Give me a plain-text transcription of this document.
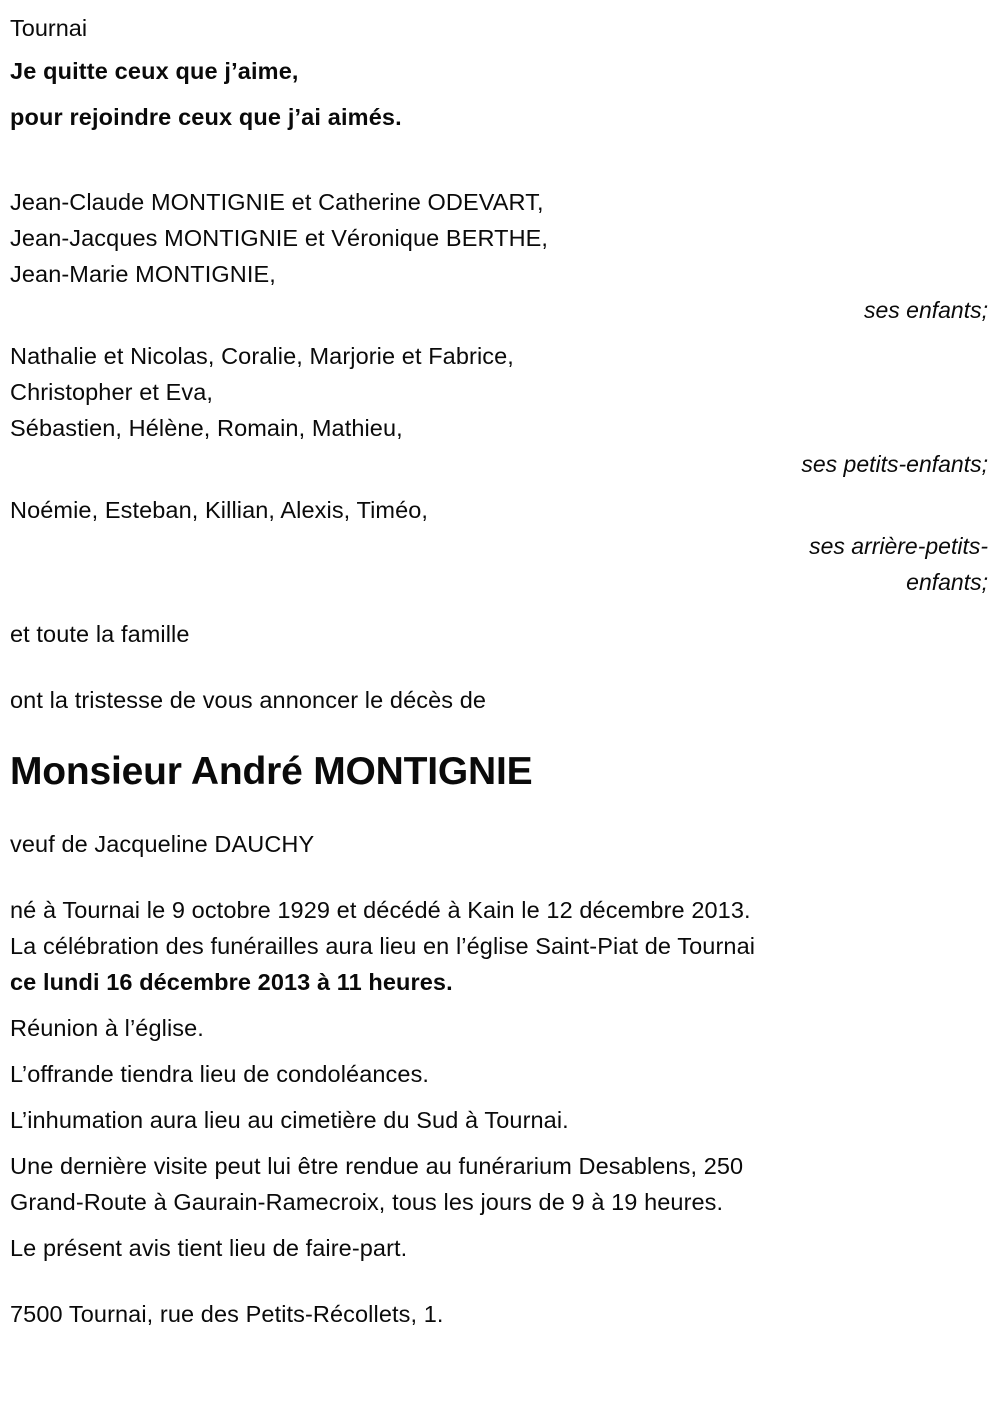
Tournai
Je quitte ceux que j’aime,
pour rejoindre ceux que j’ai aimés.
Jean-Claude MONTIGNIE et Catherine ODEVART,
Jean-Jacques MONTIGNIE et Véronique BERTHE,
Jean-Marie MONTIGNIE,
ses enfants;
Nathalie et Nicolas, Coralie, Marjorie et Fabrice,
Christopher et Eva,
Sébastien, Hélène, Romain, Mathieu,
ses petits-enfants;
Noémie, Esteban, Killian, Alexis, Timéo,
ses arrière-petits-
enfants;
et toute la famille
ont la tristesse de vous annoncer le décès de
Monsieur André MONTIGNIE
veuf de Jacqueline DAUCHY
né à Tournai le 9 octobre 1929 et décédé à Kain le 12 décembre 2013.
La célébration des funérailles aura lieu en l’église Saint-Piat de Tournai
ce lundi 16 décembre 2013 à 11 heures.
Réunion à l’église.
L’offrande tiendra lieu de condoléances.
L’inhumation aura lieu au cimetière du Sud à Tournai.
Une dernière visite peut lui être rendue au funérarium Desablens, 250
Grand-Route à Gaurain-Ramecroix, tous les jours de 9 à 19 heures.
Le présent avis tient lieu de faire-part.
7500 Tournai, rue des Petits-Récollets, 1.
